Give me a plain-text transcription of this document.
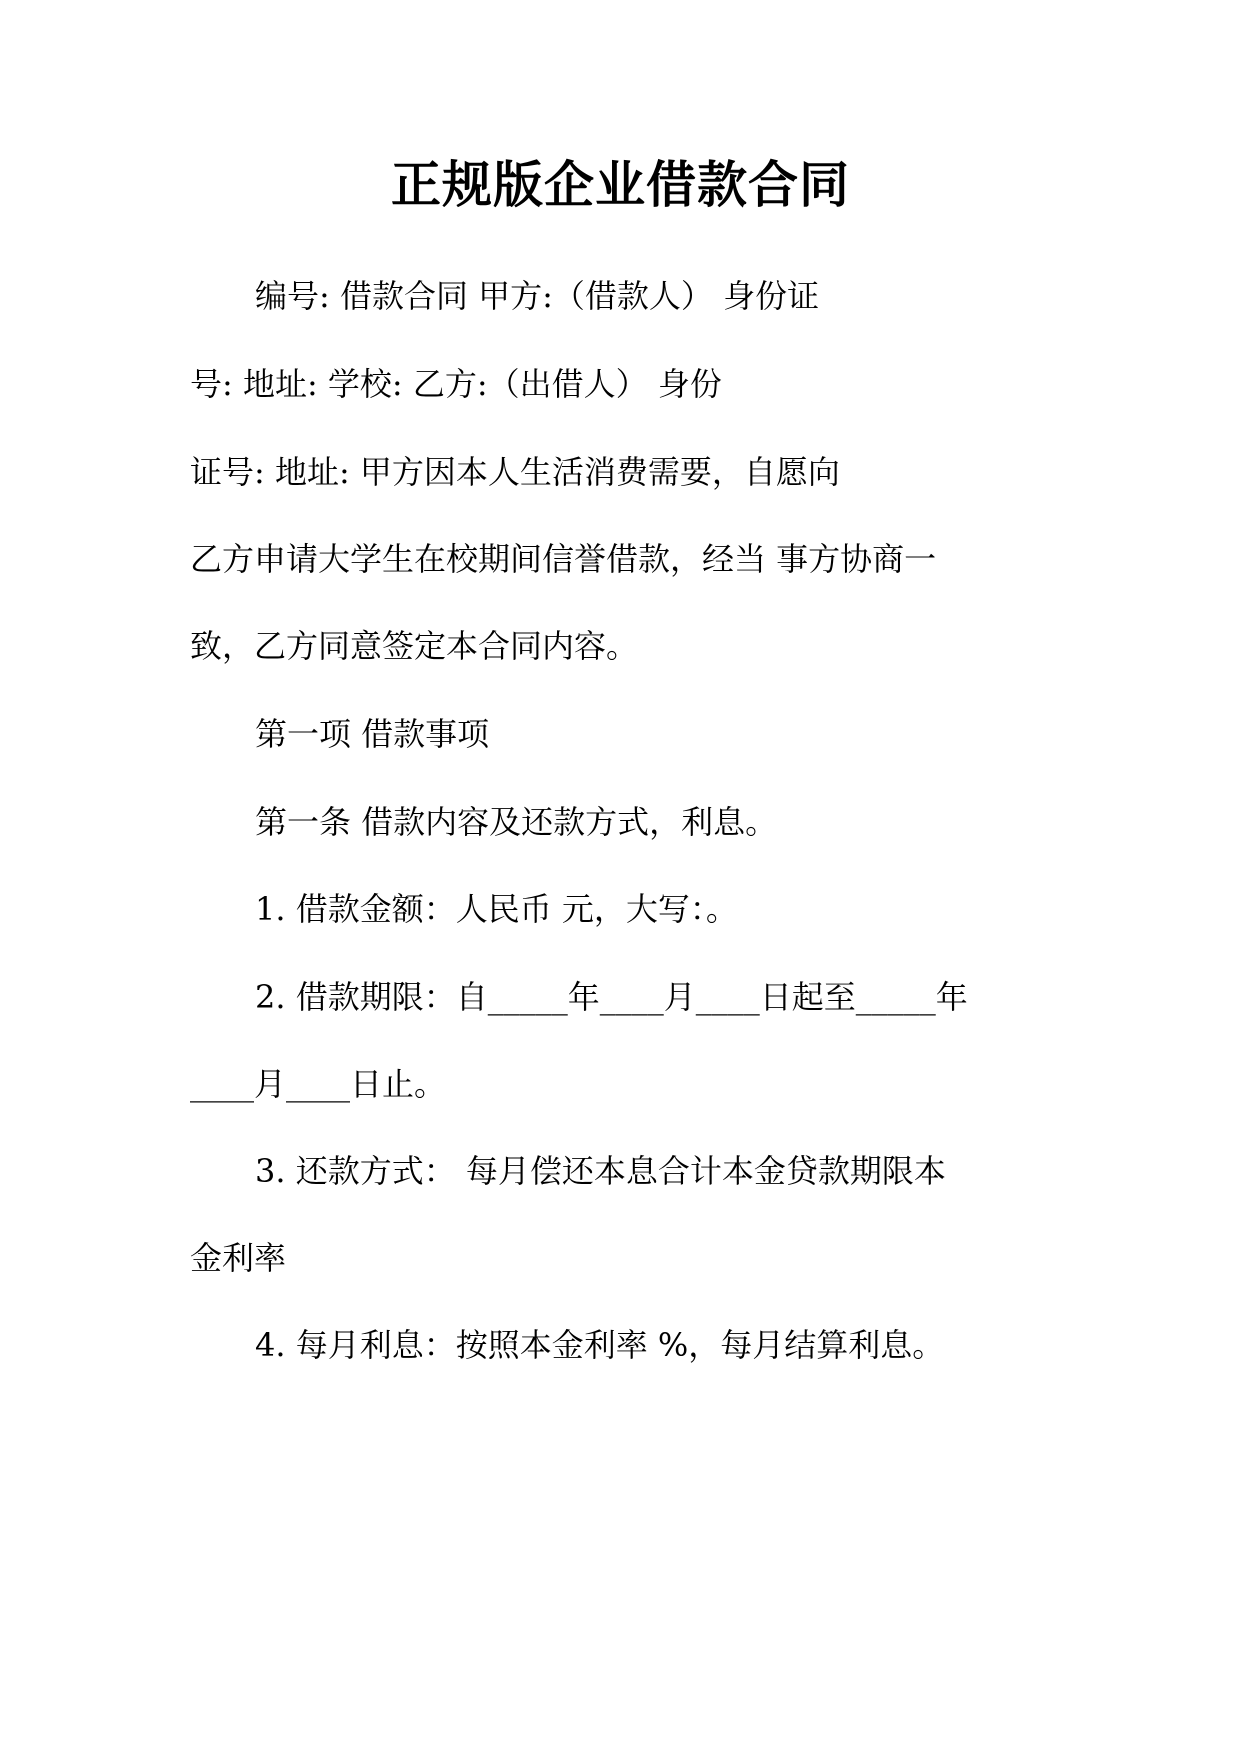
正规版企业借款合同
编号: 借款合同 甲方:（借款人） 身份证
号: 地址: 学校: 乙方:（出借人） 身份
证号: 地址: 甲方因本人生活消费需要，自愿向
乙方申请大学生在校期间信誉借款，经当 事方协商一
致，乙方同意签定本合同内容。
第一项 借款事项
第一条 借款内容及还款方式，利息。
1. 借款金额：人民币 元，大写：。
2. 借款期限：自_____年____月____日起至_____年
____月____日止。
3. 还款方式： 每月偿还本息合计本金贷款期限本
金利率
4. 每月利息：按照本金利率 %，每月结算利息。
